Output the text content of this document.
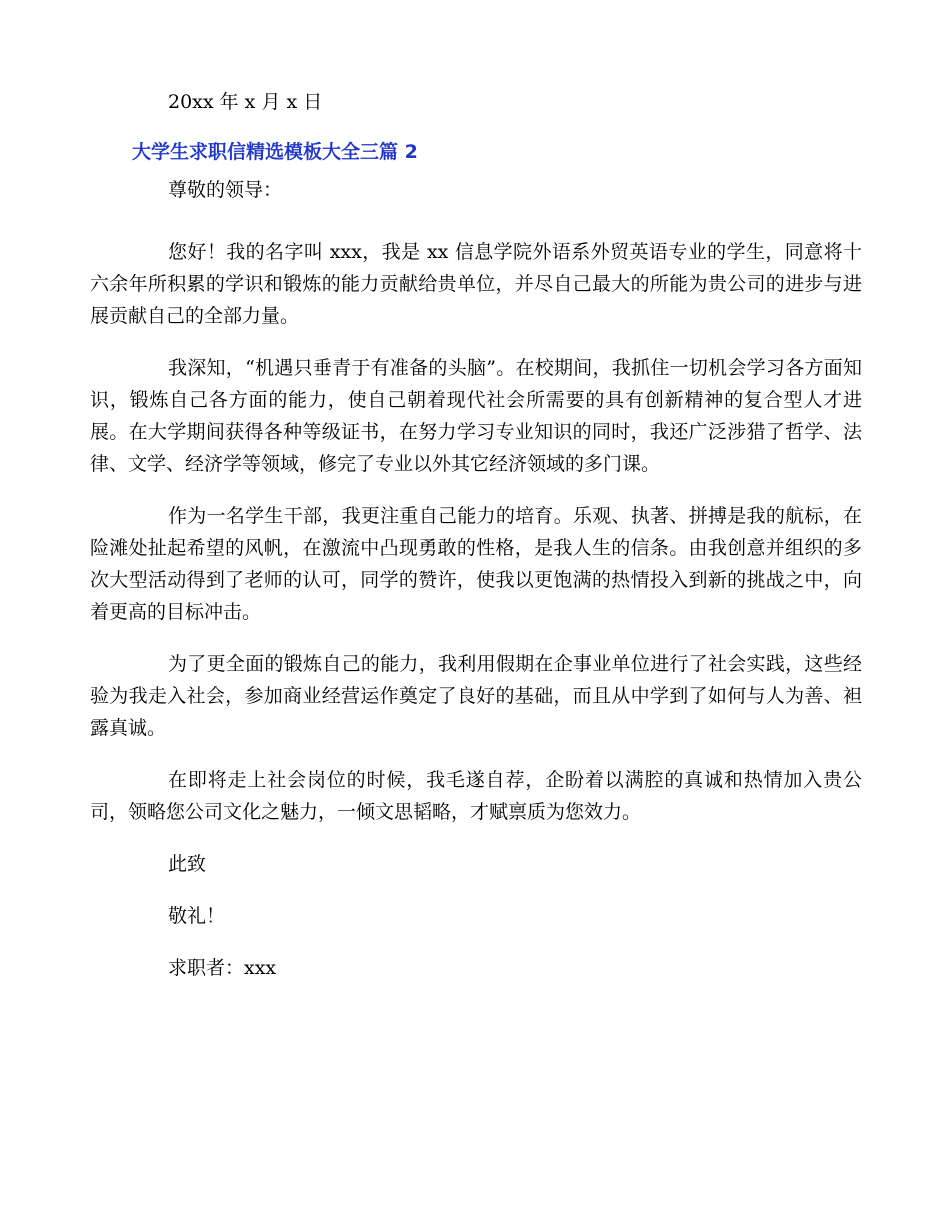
20xx 年 x 月 x 日

大学生求职信精选模板大全三篇 2

尊敬的领导：

您好！我的名字叫 xxx，我是 xx 信息学院外语系外贸英语专业的学生，同意将十六余年所积累的学识和锻炼的能力贡献给贵单位，并尽自己最大的所能为贵公司的进步与进展贡献自己的全部力量。

我深知，“机遇只垂青于有准备的头脑”。在校期间，我抓住一切机会学习各方面知识，锻炼自己各方面的能力，使自己朝着现代社会所需要的具有创新精神的复合型人才进展。在大学期间获得各种等级证书，在努力学习专业知识的同时，我还广泛涉猎了哲学、法律、文学、经济学等领域，修完了专业以外其它经济领域的多门课。

作为一名学生干部，我更注重自己能力的培育。乐观、执著、拼搏是我的航标，在险滩处扯起希望的风帆，在激流中凸现勇敢的性格，是我人生的信条。由我创意并组织的多次大型活动得到了老师的认可，同学的赞许，使我以更饱满的热情投入到新的挑战之中，向着更高的目标冲击。

为了更全面的锻炼自己的能力，我利用假期在企事业单位进行了社会实践，这些经验为我走入社会，参加商业经营运作奠定了良好的基础，而且从中学到了如何与人为善、袒露真诚。

在即将走上社会岗位的时候，我毛遂自荐，企盼着以满腔的真诚和热情加入贵公司，领略您公司文化之魅力，一倾文思韬略，才赋禀质为您效力。

此致

敬礼！

求职者：xxx
